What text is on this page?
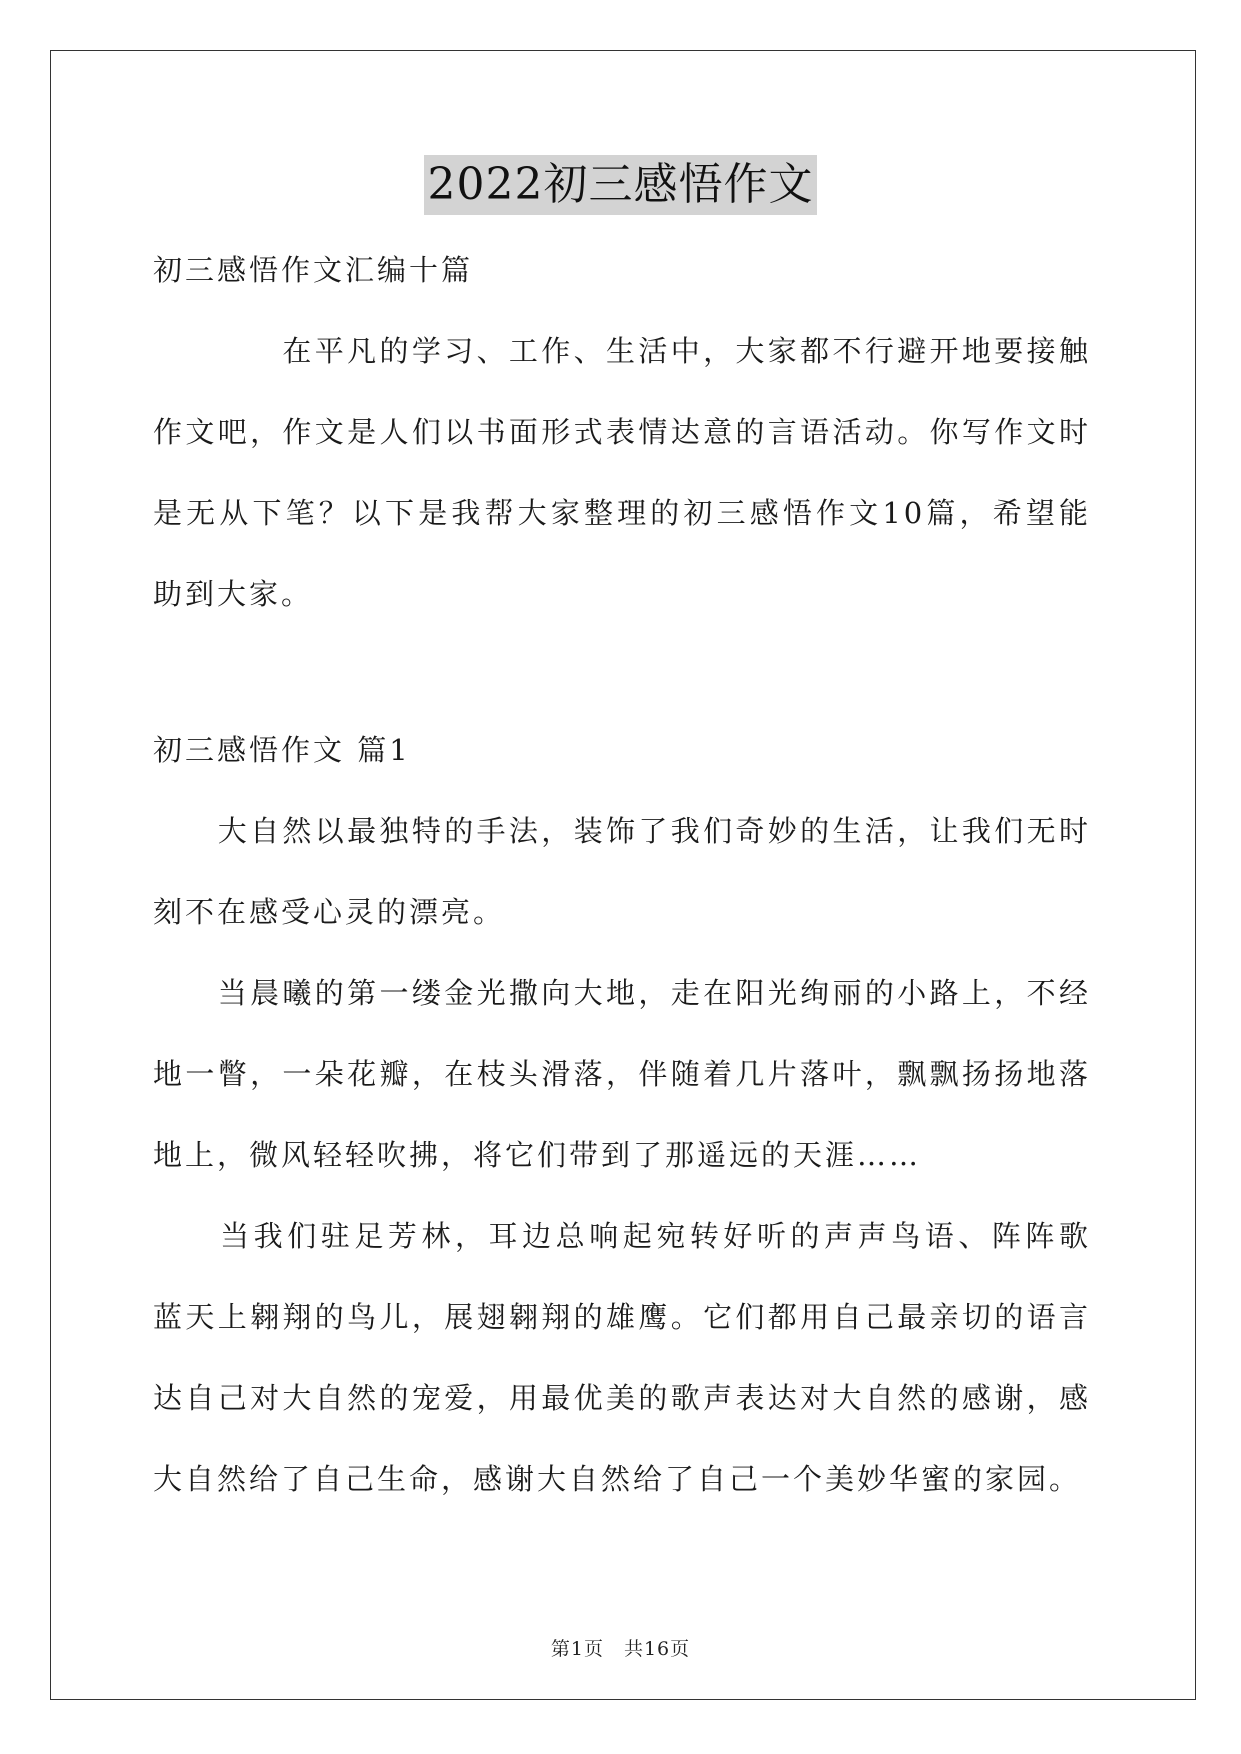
2022初三感悟作文
初三感悟作文汇编十篇
　　　　在平凡的学习、工作、生活中，大家都不行避开地要接触
作文吧，作文是人们以书面形式表情达意的言语活动。你写作文时
是无从下笔？以下是我帮大家整理的初三感悟作文10篇，希望能
助到大家。
初三感悟作文 篇1
　　大自然以最独特的手法，装饰了我们奇妙的生活，让我们无时
刻不在感受心灵的漂亮。
　　当晨曦的第一缕金光撒向大地，走在阳光绚丽的小路上，不经
地一瞥，一朵花瓣，在枝头滑落，伴随着几片落叶，飘飘扬扬地落
地上，微风轻轻吹拂，将它们带到了那遥远的天涯……
　　当我们驻足芳林，耳边总响起宛转好听的声声鸟语、阵阵歌
蓝天上翱翔的鸟儿，展翅翱翔的雄鹰。它们都用自己最亲切的语言
达自己对大自然的宠爱，用最优美的歌声表达对大自然的感谢，感
大自然给了自己生命，感谢大自然给了自己一个美妙华蜜的家园。
第1页　共16页
